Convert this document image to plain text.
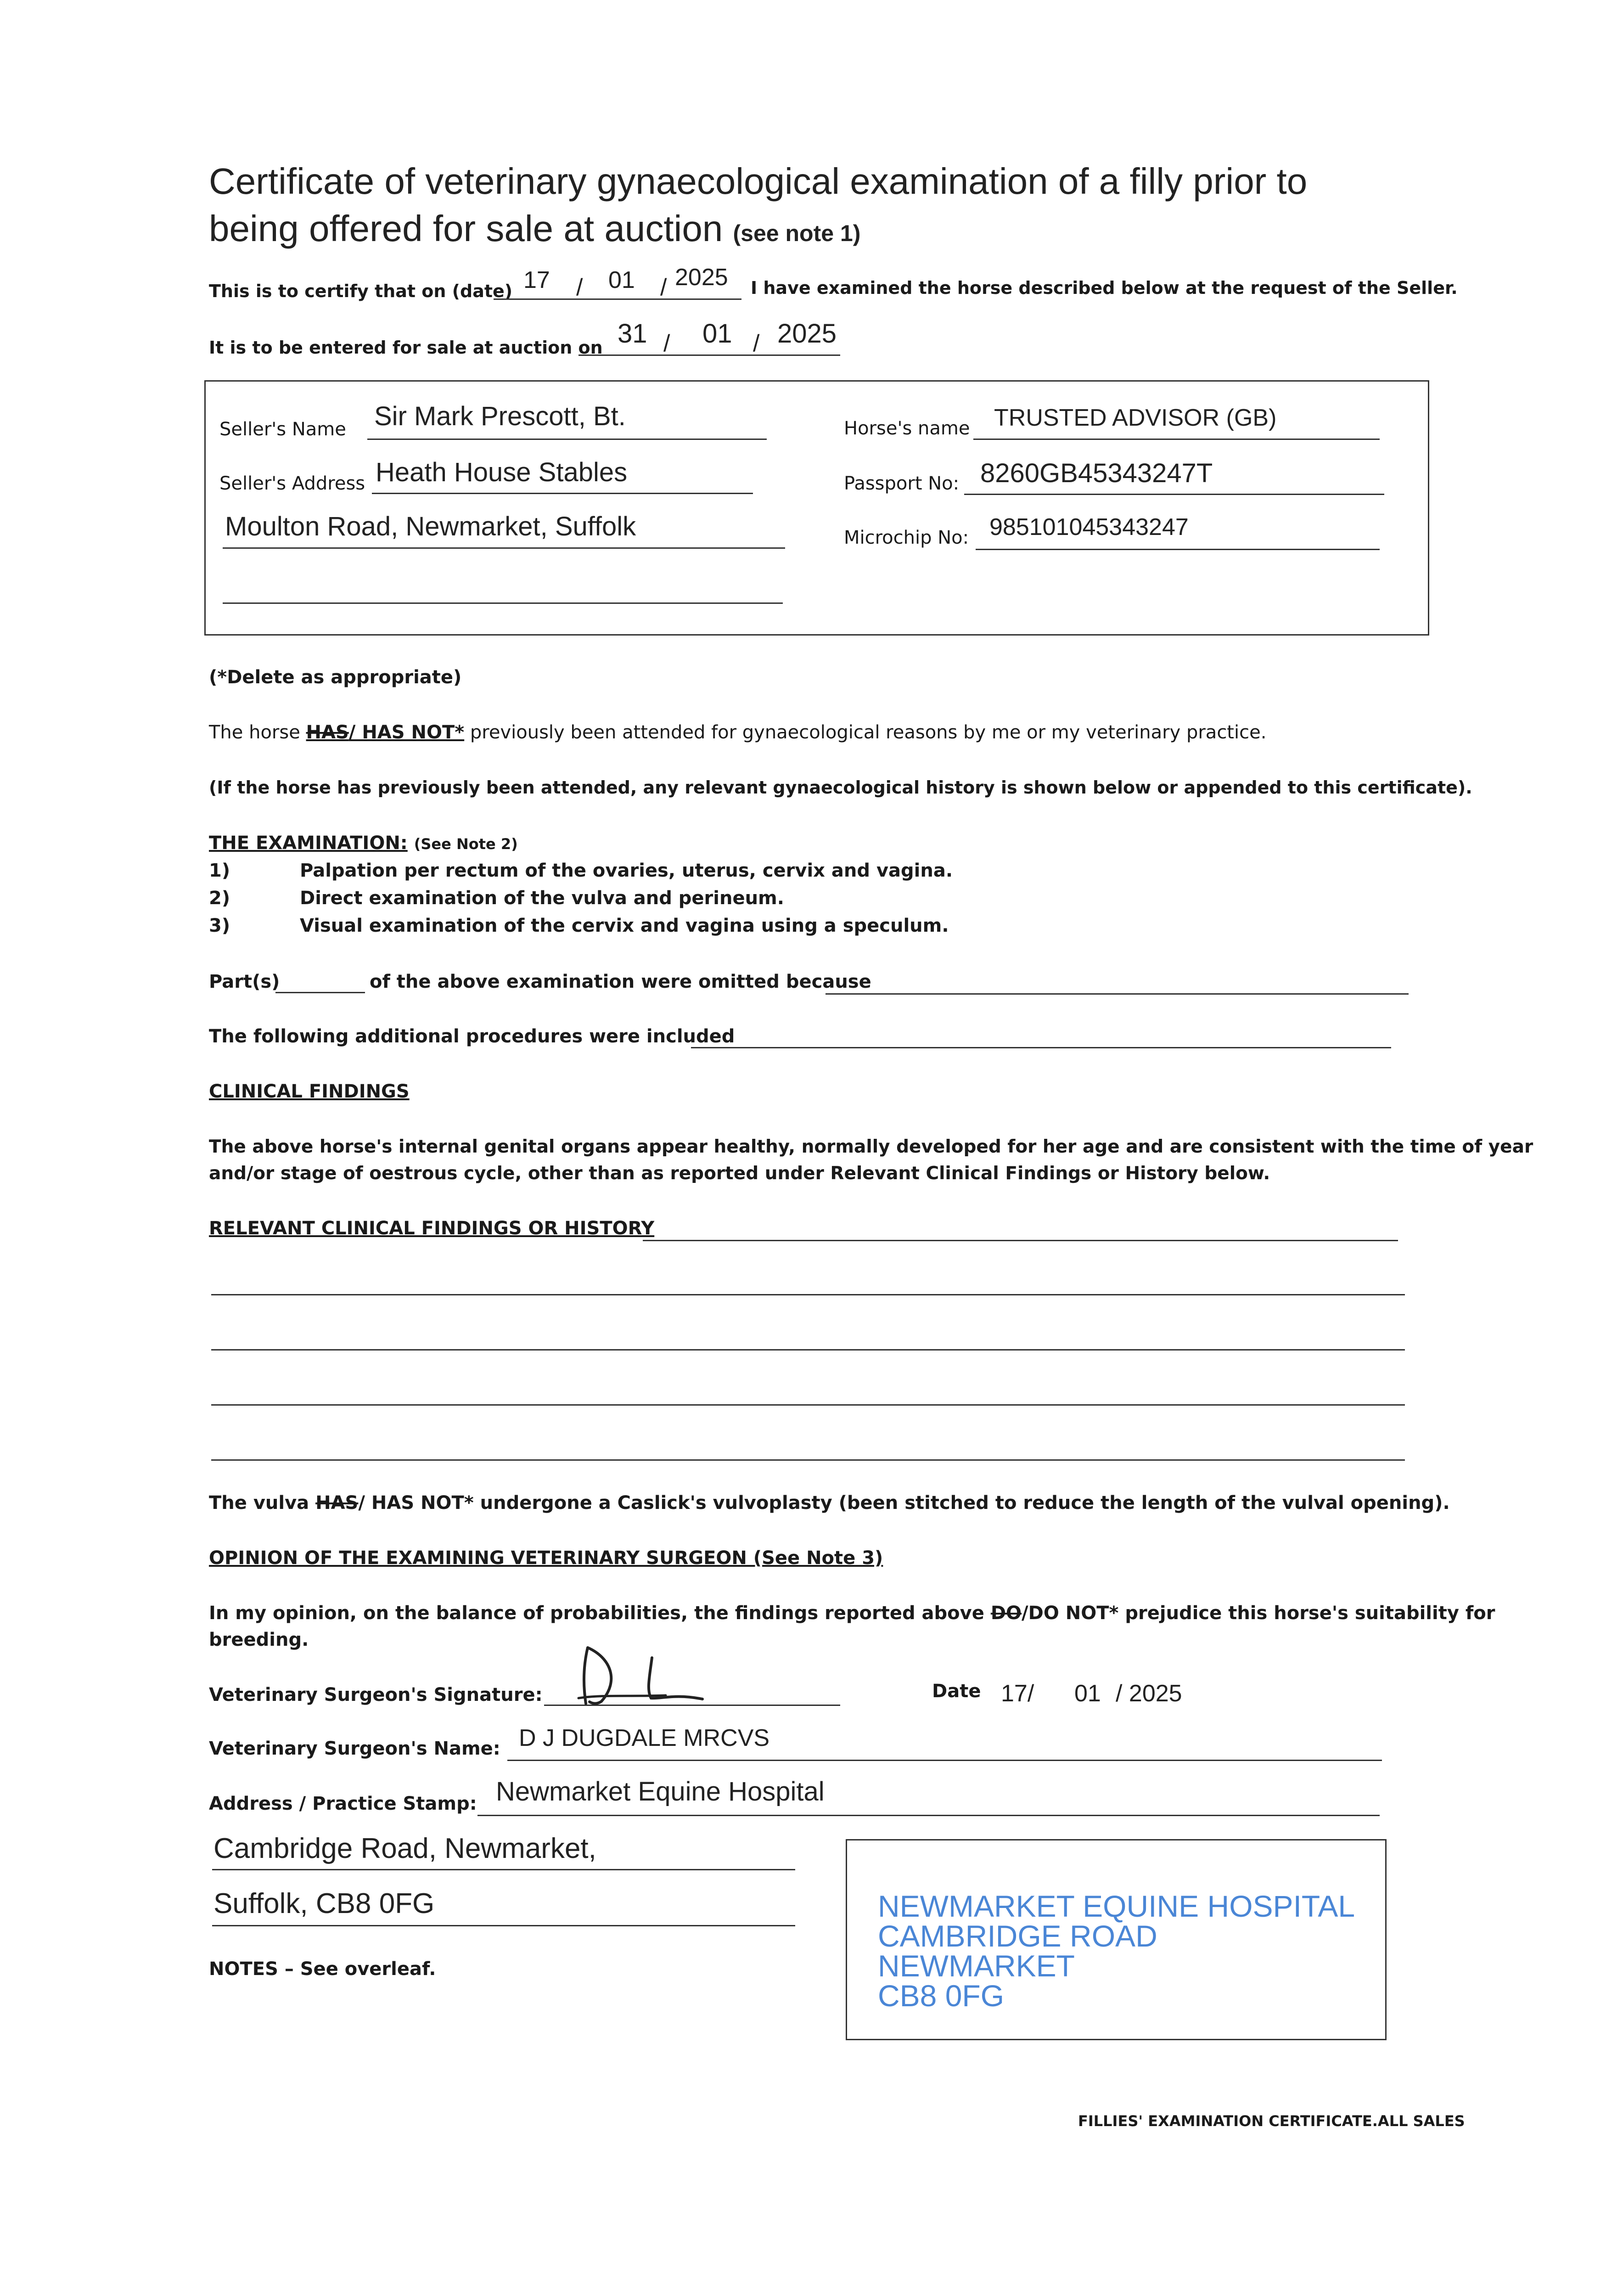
Certificate of veterinary gynaecological examination of a filly prior to
being offered for sale at auction (see note 1)
This is to certify that on (date) 17 / 01 / 2025 I have examined the horse described below at the request of the Seller.
It is to be entered for sale at auction on 31 / 01 / 2025
Seller's Name Sir Mark Prescott, Bt.
Seller's Address Heath House Stables
Moulton Road, Newmarket, Suffolk
Horse's name TRUSTED ADVISOR (GB)
Passport No: 8260GB45343247T
Microchip No: 985101045343247
(*Delete as appropriate)
The horse HAS/ HAS NOT* previously been attended for gynaecological reasons by me or my veterinary practice.
(If the horse has previously been attended, any relevant gynaecological history is shown below or appended to this certificate).
THE EXAMINATION: (See Note 2)
1)	Palpation per rectum of the ovaries, uterus, cervix and vagina.
2)	Direct examination of the vulva and perineum.
3)	Visual examination of the cervix and vagina using a speculum.
Part(s)	of the above examination were omitted because
The following additional procedures were included
CLINICAL FINDINGS
The above horse's internal genital organs appear healthy, normally developed for her age and are consistent with the time of year
and/or stage of oestrous cycle, other than as reported under Relevant Clinical Findings or History below.
RELEVANT CLINICAL FINDINGS OR HISTORY
The vulva HAS/ HAS NOT* undergone a Caslick's vulvoplasty (been stitched to reduce the length of the vulval opening).
OPINION OF THE EXAMINING VETERINARY SURGEON (See Note 3)
In my opinion, on the balance of probabilities, the findings reported above DO/DO NOT* prejudice this horse's suitability for
breeding.
Veterinary Surgeon's Signature:	Date 17/ 01 / 2025
Veterinary Surgeon's Name: D J DUGDALE MRCVS
Address / Practice Stamp: Newmarket Equine Hospital
Cambridge Road, Newmarket,
Suffolk, CB8 0FG	NEWMARKET EQUINE HOSPITAL
CAMBRIDGE ROAD
NEWMARKET
CB8 0FG
NOTES – See overleaf.
FILLIES' EXAMINATION CERTIFICATE.ALL SALES
